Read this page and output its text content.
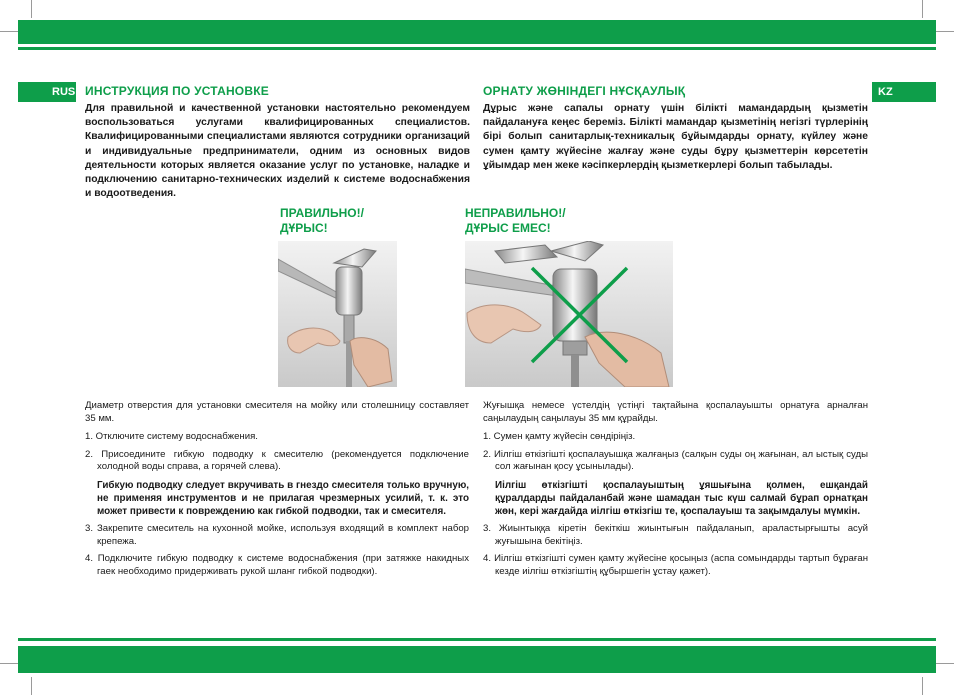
RUS	KZ
ИНСТРУКЦИЯ ПО УСТАНОВКЕ	ОРНАТУ ЖӨНІНДЕГІ НҰСҚАУЛЫҚ
Для правильной и качественной установки настоятельно рекомендуем воспользоваться услугами квалифицированных специалистов. Квалифицированными специалистами являются сотрудники организаций и индивидуальные предприниматели, одним из основных видов деятельности которых является оказание услуг по установке, наладке и подключению санитарно-технических изделий к системе водоснабжения и водоотведения.
Дұрыс және сапалы орнату үшін білікті мамандардың қызметін пайдалануға кеңес береміз. Білікті мамандар қызметінің негізгі түрлерінің бірі болып санитарлық-техникалық бұйымдарды орнату, күйлеу және сумен қамту жүйесіне жалғау және суды бұру қызметтерін көрсететін ұйымдар мен жеке кәсіпкерлердің қызметкерлері болып табылады.
ПРАВИЛЬНО!/
ДҰРЫС!
НЕПРАВИЛЬНО!/
ДҰРЫС ЕМЕС!

Диаметр отверстия для установки смесителя на мойку или столешницу составляет 35 мм.

1. Отключите систему водоснабжения.
2. Присоедините гибкую подводку к смесителю (рекомендуется подключение холодной воды справа, а горячей слева).
Гибкую подводку следует вкручивать в гнездо смесителя только вручную, не применяя инструментов и не прилагая чрезмерных усилий, т. к. это может привести к повреждению как гибкой подводки, так и смесителя.
3. Закрепите смеситель на кухонной мойке, используя входящий в комплект набор крепежа.
4. Подключите гибкую подводку к системе водоснабжения (при затяжке накидных гаек необходимо придерживать рукой шланг гибкой подводки).

Жуғышқа немесе үстелдің үстіңгі тақтайына қоспалауышты орнатуға арналған саңылаудың саңылауы 35 мм құрайды.

1. Сумен қамту жүйесін сөндіріңіз.
2. Иілгіш өткізгішті қоспалауышқа жалғаңыз (салқын суды оң жағынан, ал ыстық суды сол жағынан қосу ұсынылады).
Иілгіш өткізгішті қоспалауыштың ұяшығына қолмен, ешқандай құралдарды пайдаланбай және шамадан тыс күш салмай бұрап орнатқан жөн, кері жағдайда иілгіш өткізгіш те, қоспалауыш та зақымдалуы мүмкін.
3. Жиынтыққа кіретін бекіткіш жиынтығын пайдаланып, араластырғышты асуй жуғышына бекітіңіз.
4. Иілгіш өткізгішті сумен қамту жүйесіне қосыңыз (аспа сомындарды тартып бұраған кезде иілгіш өткізгіштің құбыршегін ұстау қажет).
